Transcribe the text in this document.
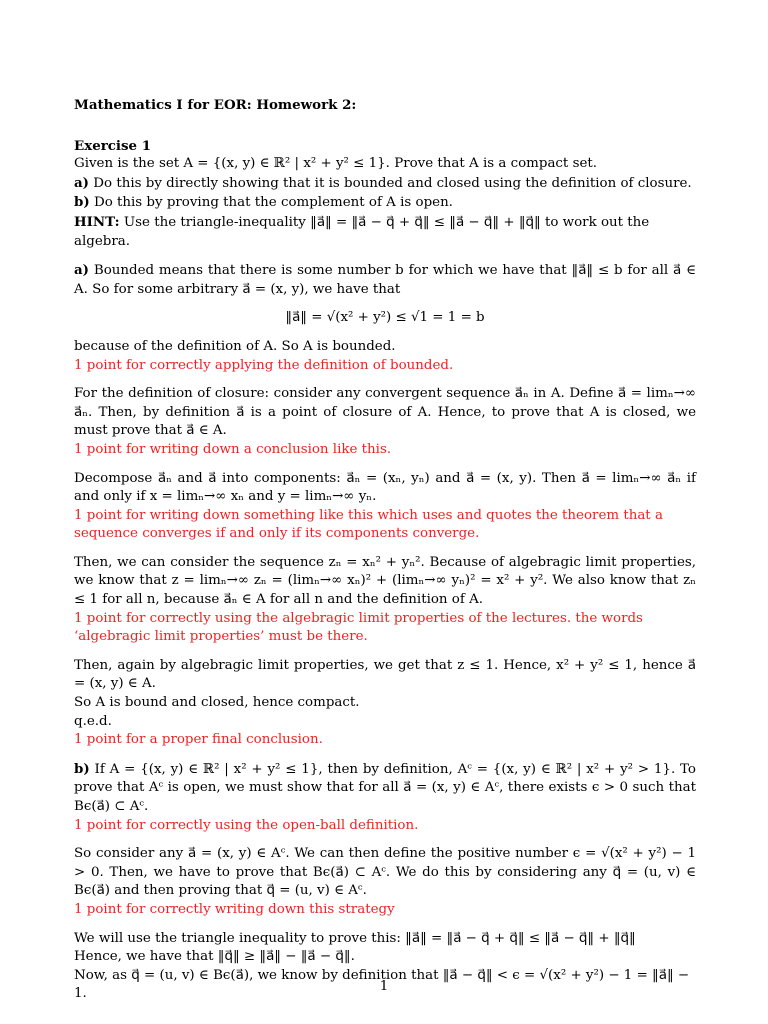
Mathematics I for EOR: Homework 2:

Exercise 1

Given is the set A = {(x, y) ∈ ℝ² | x² + y² ≤ 1}. Prove that A is a compact set.

a) Do this by directly showing that it is bounded and closed using the definition of closure.

b) Do this by proving that the complement of A is open.

HINT: Use the triangle-inequality ‖a⃗‖ = ‖a⃗ − q⃗ + q⃗‖ ≤ ‖a⃗ − q⃗‖ + ‖q⃗‖ to work out the algebra.

a) Bounded means that there is some number b for which we have that ‖a⃗‖ ≤ b for all a⃗ ∈ A. So for some arbitrary a⃗ = (x, y), we have that

‖a⃗‖ = √(x² + y²) ≤ √1 = 1 = b

because of the definition of A. So A is bounded.

1 point for correctly applying the definition of bounded.

For the definition of closure: consider any convergent sequence a⃗ₙ in A. Define a⃗ = limₙ→∞ a⃗ₙ. Then, by definition a⃗ is a point of closure of A. Hence, to prove that A is closed, we must prove that a⃗ ∈ A.

1 point for writing down a conclusion like this.

Decompose a⃗ₙ and a⃗ into components: a⃗ₙ = (xₙ, yₙ) and a⃗ = (x, y). Then a⃗ = limₙ→∞ a⃗ₙ if and only if x = limₙ→∞ xₙ and y = limₙ→∞ yₙ.

1 point for writing down something like this which uses and quotes the theorem that a sequence converges if and only if its components converge.

Then, we can consider the sequence zₙ = xₙ² + yₙ². Because of algebragic limit properties, we know that z = limₙ→∞ zₙ = (limₙ→∞ xₙ)² + (limₙ→∞ yₙ)² = x² + y². We also know that zₙ ≤ 1 for all n, because a⃗ₙ ∈ A for all n and the definition of A.

1 point for correctly using the algebragic limit properties of the lectures. the words ‘algebragic limit properties’ must be there.

Then, again by algebragic limit properties, we get that z ≤ 1. Hence, x² + y² ≤ 1, hence a⃗ = (x, y) ∈ A.

So A is bound and closed, hence compact.

q.e.d.

1 point for a proper final conclusion.

b) If A = {(x, y) ∈ ℝ² | x² + y² ≤ 1}, then by definition, Aᶜ = {(x, y) ∈ ℝ² | x² + y² > 1}. To prove that Aᶜ is open, we must show that for all a⃗ = (x, y) ∈ Aᶜ, there exists ϵ > 0 such that Bϵ(a⃗) ⊂ Aᶜ.

1 point for correctly using the open-ball definition.

So consider any a⃗ = (x, y) ∈ Aᶜ. We can then define the positive number ϵ = √(x² + y²) − 1 > 0. Then, we have to prove that Bϵ(a⃗) ⊂ Aᶜ. We do this by considering any q⃗ = (u, v) ∈ Bϵ(a⃗) and then proving that q⃗ = (u, v) ∈ Aᶜ.

1 point for correctly writing down this strategy

We will use the triangle inequality to prove this: ‖a⃗‖ = ‖a⃗ − q⃗ + q⃗‖ ≤ ‖a⃗ − q⃗‖ + ‖q⃗‖

Hence, we have that ‖q⃗‖ ≥ ‖a⃗‖ − ‖a⃗ − q⃗‖.

Now, as q⃗ = (u, v) ∈ Bϵ(a⃗), we know by definition that ‖a⃗ − q⃗‖ < ϵ = √(x² + y²) − 1 = ‖a⃗‖ − 1.	1
